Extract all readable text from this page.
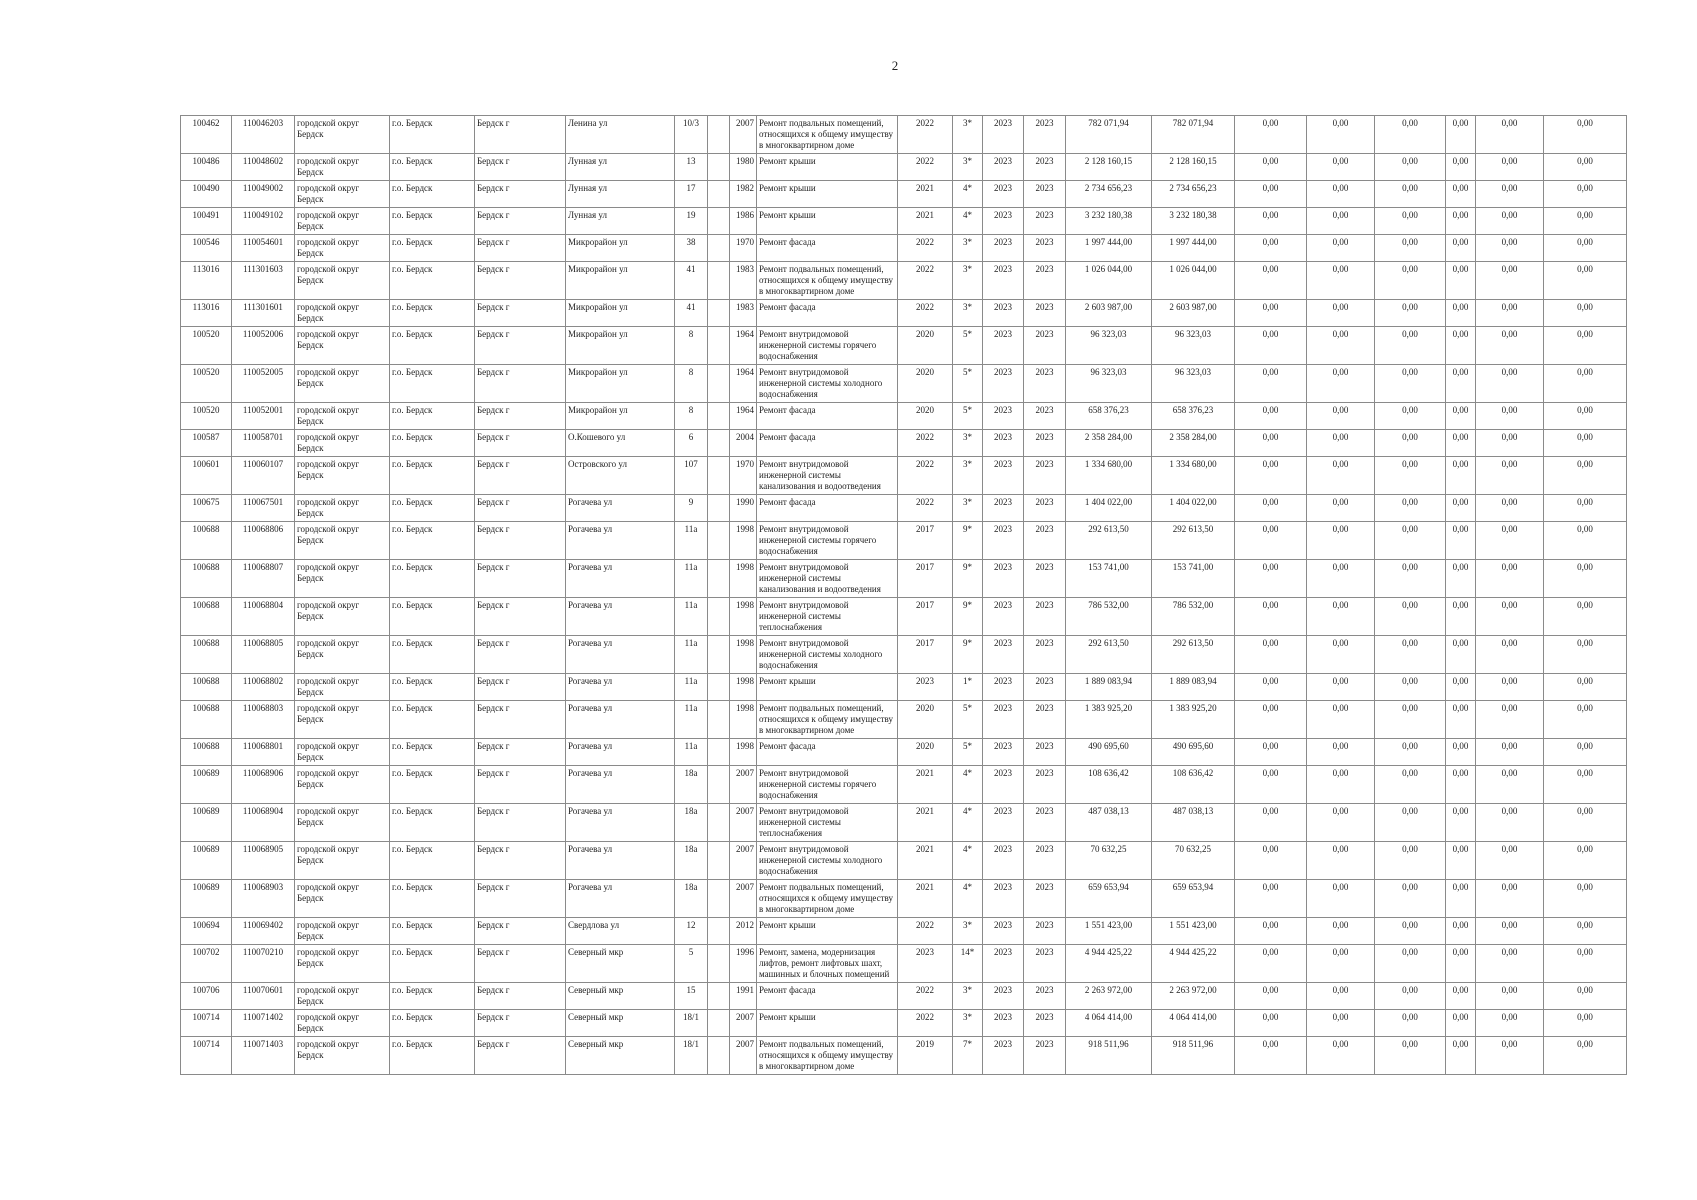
2
100462	110046203	городской округ Бердск	г.о. Бердск	Бердск г	Ленина ул	10/3		2007	Ремонт подвальных помещений, относящихся к общему имуществу в многоквартирном доме	2022	3*	2023	2023	782 071,94	782 071,94	0,00	0,00	0,00	0,00	0,00	0,00
100486	110048602	городской округ Бердск	г.о. Бердск	Бердск г	Лунная ул	13		1980	Ремонт крыши	2022	3*	2023	2023	2 128 160,15	2 128 160,15	0,00	0,00	0,00	0,00	0,00	0,00
100490	110049002	городской округ Бердск	г.о. Бердск	Бердск г	Лунная ул	17		1982	Ремонт крыши	2021	4*	2023	2023	2 734 656,23	2 734 656,23	0,00	0,00	0,00	0,00	0,00	0,00
100491	110049102	городской округ Бердск	г.о. Бердск	Бердск г	Лунная ул	19		1986	Ремонт крыши	2021	4*	2023	2023	3 232 180,38	3 232 180,38	0,00	0,00	0,00	0,00	0,00	0,00
100546	110054601	городской округ Бердск	г.о. Бердск	Бердск г	Микрорайон ул	38		1970	Ремонт фасада	2022	3*	2023	2023	1 997 444,00	1 997 444,00	0,00	0,00	0,00	0,00	0,00	0,00
113016	111301603	городской округ Бердск	г.о. Бердск	Бердск г	Микрорайон ул	41		1983	Ремонт подвальных помещений, относящихся к общему имуществу в многоквартирном доме	2022	3*	2023	2023	1 026 044,00	1 026 044,00	0,00	0,00	0,00	0,00	0,00	0,00
113016	111301601	городской округ Бердск	г.о. Бердск	Бердск г	Микрорайон ул	41		1983	Ремонт фасада	2022	3*	2023	2023	2 603 987,00	2 603 987,00	0,00	0,00	0,00	0,00	0,00	0,00
100520	110052006	городской округ Бердск	г.о. Бердск	Бердск г	Микрорайон ул	8		1964	Ремонт внутридомовой инженерной системы горячего водоснабжения	2020	5*	2023	2023	96 323,03	96 323,03	0,00	0,00	0,00	0,00	0,00	0,00
100520	110052005	городской округ Бердск	г.о. Бердск	Бердск г	Микрорайон ул	8		1964	Ремонт внутридомовой инженерной системы холодного водоснабжения	2020	5*	2023	2023	96 323,03	96 323,03	0,00	0,00	0,00	0,00	0,00	0,00
100520	110052001	городской округ Бердск	г.о. Бердск	Бердск г	Микрорайон ул	8		1964	Ремонт фасада	2020	5*	2023	2023	658 376,23	658 376,23	0,00	0,00	0,00	0,00	0,00	0,00
100587	110058701	городской округ Бердск	г.о. Бердск	Бердск г	О.Кошевого ул	6		2004	Ремонт фасада	2022	3*	2023	2023	2 358 284,00	2 358 284,00	0,00	0,00	0,00	0,00	0,00	0,00
100601	110060107	городской округ Бердск	г.о. Бердск	Бердск г	Островского ул	107		1970	Ремонт внутридомовой инженерной системы канализования и водоотведения	2022	3*	2023	2023	1 334 680,00	1 334 680,00	0,00	0,00	0,00	0,00	0,00	0,00
100675	110067501	городской округ Бердск	г.о. Бердск	Бердск г	Рогачева ул	9		1990	Ремонт фасада	2022	3*	2023	2023	1 404 022,00	1 404 022,00	0,00	0,00	0,00	0,00	0,00	0,00
100688	110068806	городской округ Бердск	г.о. Бердск	Бердск г	Рогачева ул	11а		1998	Ремонт внутридомовой инженерной системы горячего водоснабжения	2017	9*	2023	2023	292 613,50	292 613,50	0,00	0,00	0,00	0,00	0,00	0,00
100688	110068807	городской округ Бердск	г.о. Бердск	Бердск г	Рогачева ул	11а		1998	Ремонт внутридомовой инженерной системы канализования и водоотведения	2017	9*	2023	2023	153 741,00	153 741,00	0,00	0,00	0,00	0,00	0,00	0,00
100688	110068804	городской округ Бердск	г.о. Бердск	Бердск г	Рогачева ул	11а		1998	Ремонт внутридомовой инженерной системы теплоснабжения	2017	9*	2023	2023	786 532,00	786 532,00	0,00	0,00	0,00	0,00	0,00	0,00
100688	110068805	городской округ Бердск	г.о. Бердск	Бердск г	Рогачева ул	11а		1998	Ремонт внутридомовой инженерной системы холодного водоснабжения	2017	9*	2023	2023	292 613,50	292 613,50	0,00	0,00	0,00	0,00	0,00	0,00
100688	110068802	городской округ Бердск	г.о. Бердск	Бердск г	Рогачева ул	11а		1998	Ремонт крыши	2023	1*	2023	2023	1 889 083,94	1 889 083,94	0,00	0,00	0,00	0,00	0,00	0,00
100688	110068803	городской округ Бердск	г.о. Бердск	Бердск г	Рогачева ул	11а		1998	Ремонт подвальных помещений, относящихся к общему имуществу в многоквартирном доме	2020	5*	2023	2023	1 383 925,20	1 383 925,20	0,00	0,00	0,00	0,00	0,00	0,00
100688	110068801	городской округ Бердск	г.о. Бердск	Бердск г	Рогачева ул	11а		1998	Ремонт фасада	2020	5*	2023	2023	490 695,60	490 695,60	0,00	0,00	0,00	0,00	0,00	0,00
100689	110068906	городской округ Бердск	г.о. Бердск	Бердск г	Рогачева ул	18а		2007	Ремонт внутридомовой инженерной системы горячего водоснабжения	2021	4*	2023	2023	108 636,42	108 636,42	0,00	0,00	0,00	0,00	0,00	0,00
100689	110068904	городской округ Бердск	г.о. Бердск	Бердск г	Рогачева ул	18а		2007	Ремонт внутридомовой инженерной системы теплоснабжения	2021	4*	2023	2023	487 038,13	487 038,13	0,00	0,00	0,00	0,00	0,00	0,00
100689	110068905	городской округ Бердск	г.о. Бердск	Бердск г	Рогачева ул	18а		2007	Ремонт внутридомовой инженерной системы холодного водоснабжения	2021	4*	2023	2023	70 632,25	70 632,25	0,00	0,00	0,00	0,00	0,00	0,00
100689	110068903	городской округ Бердск	г.о. Бердск	Бердск г	Рогачева ул	18а		2007	Ремонт подвальных помещений, относящихся к общему имуществу в многоквартирном доме	2021	4*	2023	2023	659 653,94	659 653,94	0,00	0,00	0,00	0,00	0,00	0,00
100694	110069402	городской округ Бердск	г.о. Бердск	Бердск г	Свердлова ул	12		2012	Ремонт крыши	2022	3*	2023	2023	1 551 423,00	1 551 423,00	0,00	0,00	0,00	0,00	0,00	0,00
100702	110070210	городской округ Бердск	г.о. Бердск	Бердск г	Северный мкр	5		1996	Ремонт, замена, модернизация лифтов, ремонт лифтовых шахт, машинных и блочных помещений	2023	14*	2023	2023	4 944 425,22	4 944 425,22	0,00	0,00	0,00	0,00	0,00	0,00
100706	110070601	городской округ Бердск	г.о. Бердск	Бердск г	Северный мкр	15		1991	Ремонт фасада	2022	3*	2023	2023	2 263 972,00	2 263 972,00	0,00	0,00	0,00	0,00	0,00	0,00
100714	110071402	городской округ Бердск	г.о. Бердск	Бердск г	Северный мкр	18/1		2007	Ремонт крыши	2022	3*	2023	2023	4 064 414,00	4 064 414,00	0,00	0,00	0,00	0,00	0,00	0,00
100714	110071403	городской округ Бердск	г.о. Бердск	Бердск г	Северный мкр	18/1		2007	Ремонт подвальных помещений, относящихся к общему имуществу в многоквартирном доме	2019	7*	2023	2023	918 511,96	918 511,96	0,00	0,00	0,00	0,00	0,00	0,00
